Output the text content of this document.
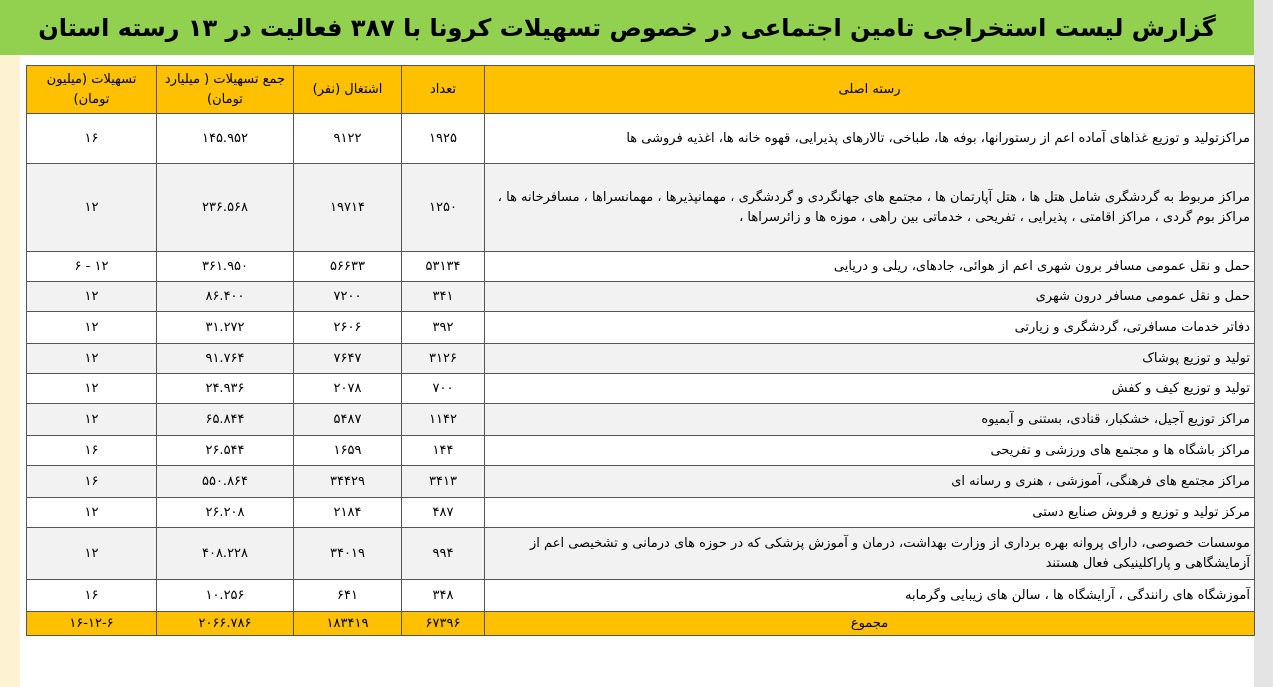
گزارش لیست استخراجی تامین اجتماعی در خصوص تسهیلات کرونا با ۳۸۷ فعالیت در ۱۳ رسته استان
تسهیلات (میلیون تومان)	جمع تسهیلات ( میلیارد تومان)	اشتغال (نفر)	تعداد	رسته اصلی
۱۶	۱۴۵.۹۵۲	۹۱۲۲	۱۹۲۵	مراکزتولید و توزیع غذاهای آماده اعم از رستورانها، بوفه ها، طباخی، تالارهای پذیرایی، قهوه خانه ها، اغذیه فروشی ها
۱۲	۲۳۶.۵۶۸	۱۹۷۱۴	۱۲۵۰	مراکز مربوط به گردشگری شامل هتل ها ، هتل آپارتمان ها ، مجتمع های جهانگردی و گردشگری ، مهمانپذیرها ، مهمانسراها ، مسافرخانه ها ، مراکز بوم گردی ، مراکز اقامتی ، پذیرایی ، تفریحی ، خدماتی بین راهی ، موزه ها و زائرسراها ،
۱۲ - ۶	۳۶۱.۹۵۰	۵۶۶۳۳	۵۳۱۳۴	حمل و نقل عمومی مسافر برون شهری اعم از هوائی، جادهای، ریلی و دریایی
۱۲	۸۶.۴۰۰	۷۲۰۰	۳۴۱	حمل و نقل عمومی مسافر درون شهری
۱۲	۳۱.۲۷۲	۲۶۰۶	۳۹۲	دفاتر خدمات مسافرتی، گردشگری و زیارتی
۱۲	۹۱.۷۶۴	۷۶۴۷	۳۱۲۶	تولید و توزیع پوشاک
۱۲	۲۴.۹۳۶	۲۰۷۸	۷۰۰	تولید و توزیع کیف و کفش
۱۲	۶۵.۸۴۴	۵۴۸۷	۱۱۴۲	مراکز توزیع آجیل، خشکبار، قنادی، بستنی و آبمیوه
۱۶	۲۶.۵۴۴	۱۶۵۹	۱۴۴	مراکز باشگاه ها و مجتمع های ورزشی و تفریحی
۱۶	۵۵۰.۸۶۴	۳۴۴۲۹	۳۴۱۳	مراکز مجتمع های فرهنگی، آموزشی ، هنری و رسانه ای
۱۲	۲۶.۲۰۸	۲۱۸۴	۴۸۷	مرکز تولید و توزیع و فروش صنایع دستی
۱۲	۴۰۸.۲۲۸	۳۴۰۱۹	۹۹۴	موسسات خصوصی، دارای پروانه بهره برداری از وزارت بهداشت، درمان و آموزش پزشکی که در حوزه های درمانی و تشخیصی اعم از آزمایشگاهی و پاراکلینیکی فعال هستند
۱۶	۱۰.۲۵۶	۶۴۱	۳۴۸	آموزشگاه های رانندگی ، آرایشگاه ها ، سالن های زیبایی وگرمابه
۱۶-۱۲-۶	۲۰۶۶.۷۸۶	۱۸۳۴۱۹	۶۷۳۹۶	مجموع
